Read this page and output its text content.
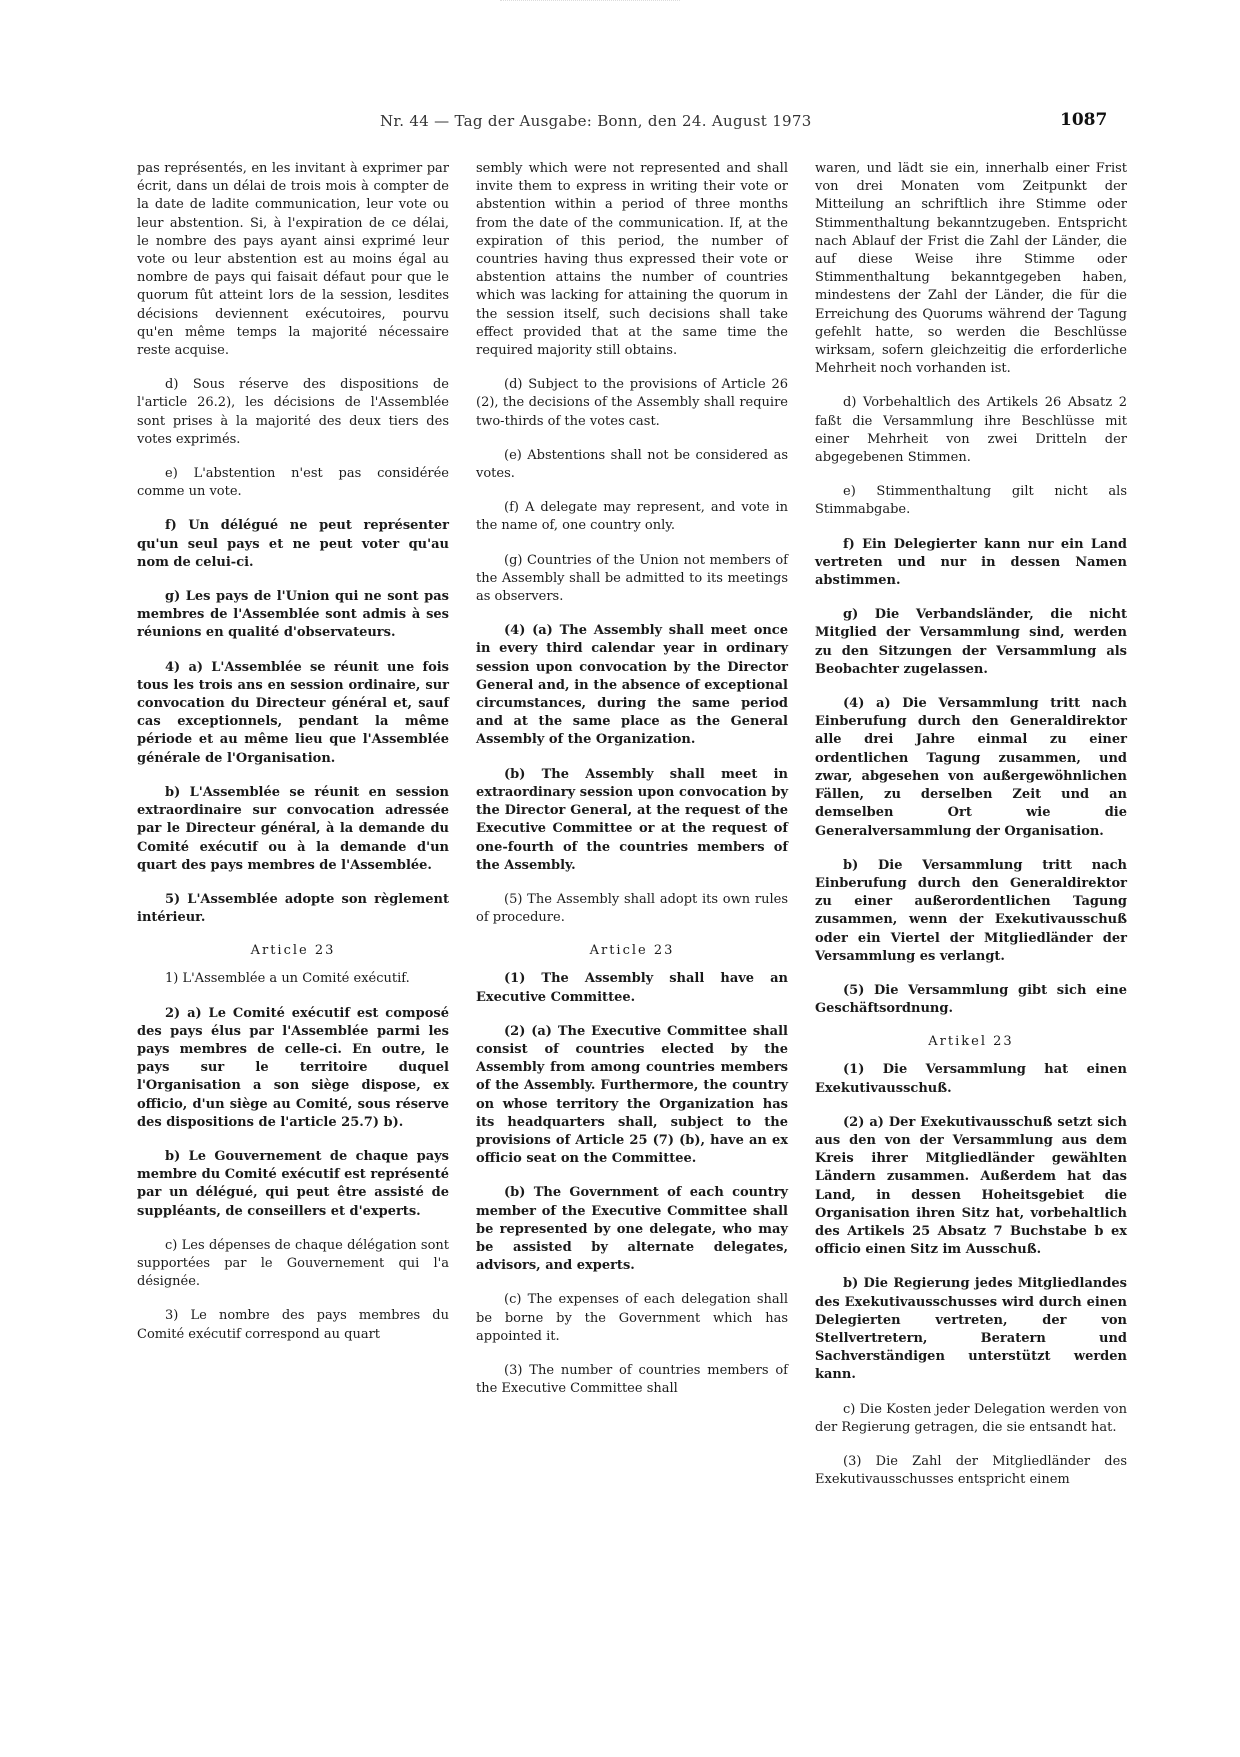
Nr. 44 — Tag der Ausgabe: Bonn, den 24. August 1973	1087

pas représentés, en les invitant à exprimer par écrit, dans un délai de trois mois à compter de la date de ladite communication, leur vote ou leur abstention. Si, à l'expiration de ce délai, le nombre des pays ayant ainsi exprimé leur vote ou leur abstention est au moins égal au nombre de pays qui faisait défaut pour que le quorum fût atteint lors de la session, lesdites décisions deviennent exécutoires, pourvu qu'en même temps la majorité nécessaire reste acquise.

d) Sous réserve des dispositions de l'article 26.2), les décisions de l'Assemblée sont prises à la majorité des deux tiers des votes exprimés.

e) L'abstention n'est pas considérée comme un vote.

f) Un délégué ne peut représenter qu'un seul pays et ne peut voter qu'au nom de celui-ci.

g) Les pays de l'Union qui ne sont pas membres de l'Assemblée sont admis à ses réunions en qualité d'observateurs.

4) a) L'Assemblée se réunit une fois tous les trois ans en session ordinaire, sur convocation du Directeur général et, sauf cas exceptionnels, pendant la même période et au même lieu que l'Assemblée générale de l'Organisation.

b) L'Assemblée se réunit en session extraordinaire sur convocation adressée par le Directeur général, à la demande du Comité exécutif ou à la demande d'un quart des pays membres de l'Assemblée.

5) L'Assemblée adopte son règlement intérieur.

Article 23

1) L'Assemblée a un Comité exécutif.

2) a) Le Comité exécutif est composé des pays élus par l'Assemblée parmi les pays membres de celle-ci. En outre, le pays sur le territoire duquel l'Organisation a son siège dispose, ex officio, d'un siège au Comité, sous réserve des dispositions de l'article 25.7) b).

b) Le Gouvernement de chaque pays membre du Comité exécutif est représenté par un délégué, qui peut être assisté de suppléants, de conseillers et d'experts.

c) Les dépenses de chaque délégation sont supportées par le Gouvernement qui l'a désignée.

3) Le nombre des pays membres du Comité exécutif correspond au quart

sembly which were not represented and shall invite them to express in writing their vote or abstention within a period of three months from the date of the communication. If, at the expiration of this period, the number of countries having thus expressed their vote or abstention attains the number of countries which was lacking for attaining the quorum in the session itself, such decisions shall take effect provided that at the same time the required majority still obtains.

(d) Subject to the provisions of Article 26 (2), the decisions of the Assembly shall require two-thirds of the votes cast.

(e) Abstentions shall not be considered as votes.

(f) A delegate may represent, and vote in the name of, one country only.

(g) Countries of the Union not members of the Assembly shall be admitted to its meetings as observers.

(4) (a) The Assembly shall meet once in every third calendar year in ordinary session upon convocation by the Director General and, in the absence of exceptional circumstances, during the same period and at the same place as the General Assembly of the Organization.

(b) The Assembly shall meet in extraordinary session upon convocation by the Director General, at the request of the Executive Committee or at the request of one-fourth of the countries members of the Assembly.

(5) The Assembly shall adopt its own rules of procedure.

Article 23

(1) The Assembly shall have an Executive Committee.

(2) (a) The Executive Committee shall consist of countries elected by the Assembly from among countries members of the Assembly. Furthermore, the country on whose territory the Organization has its headquarters shall, subject to the provisions of Article 25 (7) (b), have an ex officio seat on the Committee.

(b) The Government of each country member of the Executive Committee shall be represented by one delegate, who may be assisted by alternate delegates, advisors, and experts.

(c) The expenses of each delegation shall be borne by the Government which has appointed it.

(3) The number of countries members of the Executive Committee shall

waren, und lädt sie ein, innerhalb einer Frist von drei Monaten vom Zeitpunkt der Mitteilung an schriftlich ihre Stimme oder Stimmenthaltung bekanntzugeben. Entspricht nach Ablauf der Frist die Zahl der Länder, die auf diese Weise ihre Stimme oder Stimmenthaltung bekanntgegeben haben, mindestens der Zahl der Länder, die für die Erreichung des Quorums während der Tagung gefehlt hatte, so werden die Beschlüsse wirksam, sofern gleichzeitig die erforderliche Mehrheit noch vorhanden ist.

d) Vorbehaltlich des Artikels 26 Absatz 2 faßt die Versammlung ihre Beschlüsse mit einer Mehrheit von zwei Dritteln der abgegebenen Stimmen.

e) Stimmenthaltung gilt nicht als Stimmabgabe.

f) Ein Delegierter kann nur ein Land vertreten und nur in dessen Namen abstimmen.

g) Die Verbandsländer, die nicht Mitglied der Versammlung sind, werden zu den Sitzungen der Versammlung als Beobachter zugelassen.

(4) a) Die Versammlung tritt nach Einberufung durch den Generaldirektor alle drei Jahre einmal zu einer ordentlichen Tagung zusammen, und zwar, abgesehen von außergewöhnlichen Fällen, zu derselben Zeit und an demselben Ort wie die Generalversammlung der Organisation.

b) Die Versammlung tritt nach Einberufung durch den Generaldirektor zu einer außerordentlichen Tagung zusammen, wenn der Exekutivausschuß oder ein Viertel der Mitgliedländer der Versammlung es verlangt.

(5) Die Versammlung gibt sich eine Geschäftsordnung.

Artikel 23

(1) Die Versammlung hat einen Exekutivausschuß.

(2) a) Der Exekutivausschuß setzt sich aus den von der Versammlung aus dem Kreis ihrer Mitgliedländer gewählten Ländern zusammen. Außerdem hat das Land, in dessen Hoheitsgebiet die Organisation ihren Sitz hat, vorbehaltlich des Artikels 25 Absatz 7 Buchstabe b ex officio einen Sitz im Ausschuß.

b) Die Regierung jedes Mitgliedlandes des Exekutivausschusses wird durch einen Delegierten vertreten, der von Stellvertretern, Beratern und Sachverständigen unterstützt werden kann.

c) Die Kosten jeder Delegation werden von der Regierung getragen, die sie entsandt hat.

(3) Die Zahl der Mitgliedländer des Exekutivausschusses entspricht einem
